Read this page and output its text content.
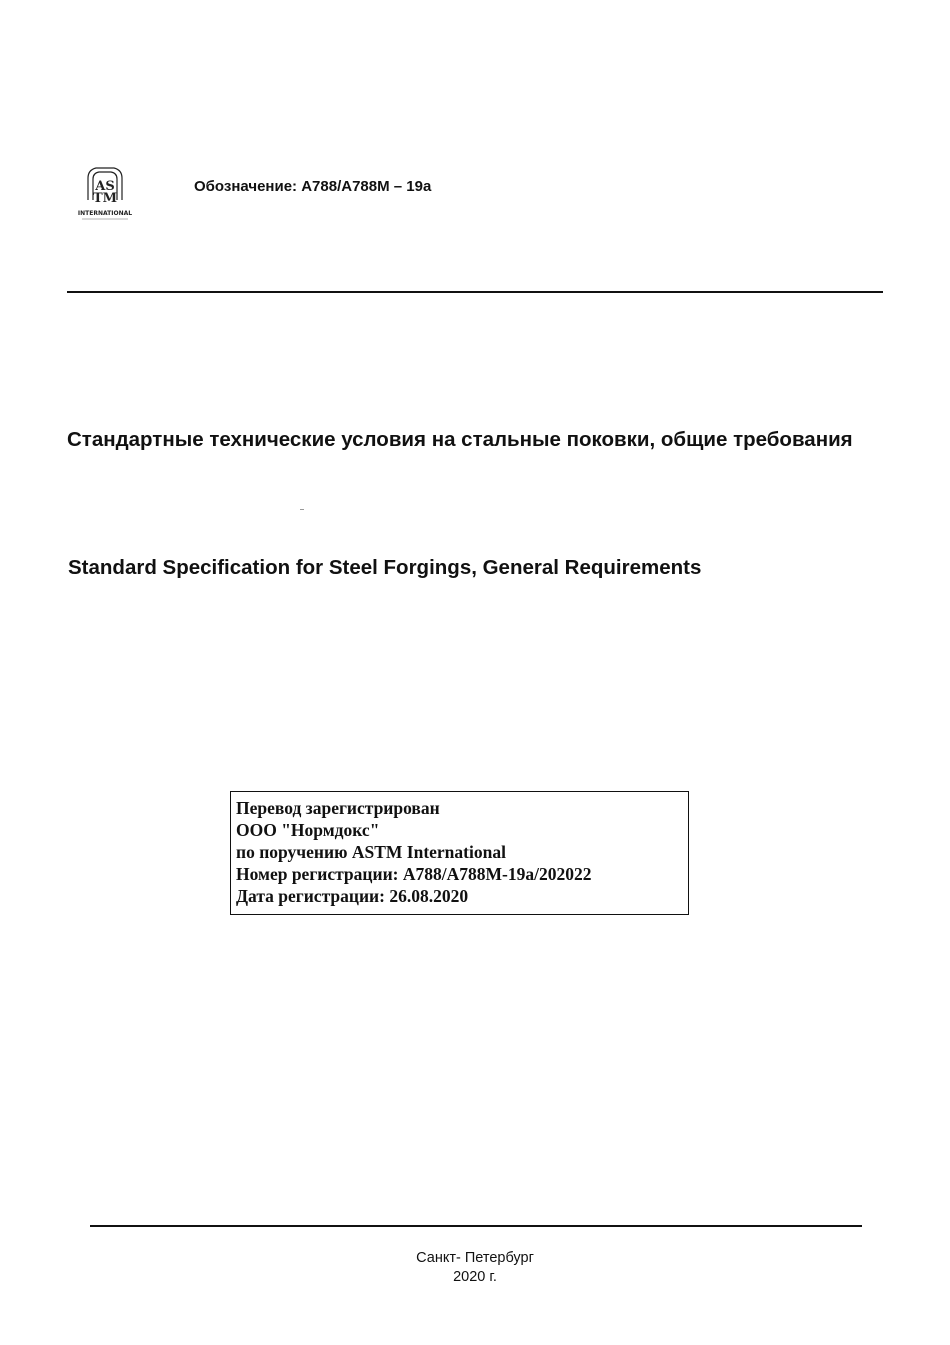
AS
TM
INTERNATIONAL
Обозначение: A788/A788M – 19a
Стандартные технические условия на стальные поковки, общие требования
Standard Specification for Steel Forgings, General Requirements
Перевод зарегистрирован
ООО "Нормдокс"
по поручению ASTM International
Номер регистрации: A788/A788M-19a/202022
Дата регистрации: 26.08.2020
Санкт- Петербург
2020 г.
